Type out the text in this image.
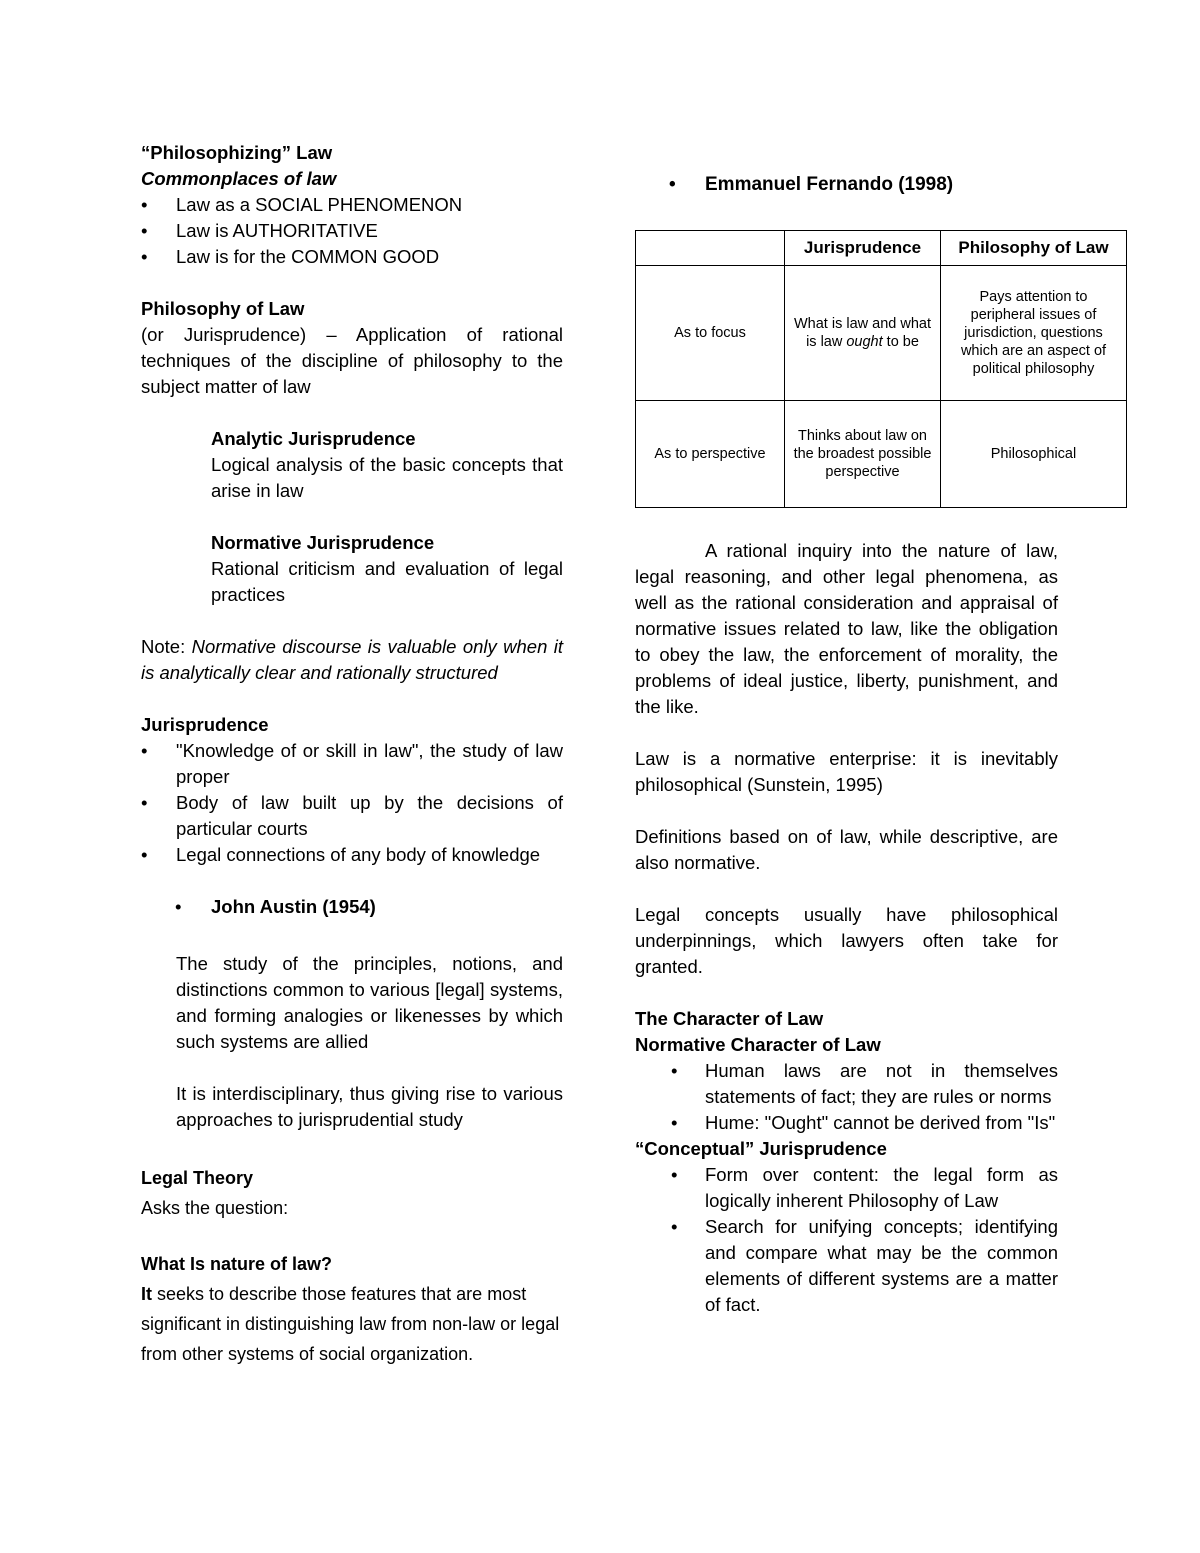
“Philosophizing” Law

Commonplaces of law

• Law as a SOCIAL PHENOMENON
• Law is AUTHORITATIVE
• Law is for the COMMON GOOD

Philosophy of Law

(or Jurisprudence) – Application of rational techniques of the discipline of philosophy to the subject matter of law

Analytic Jurisprudence

Logical analysis of the basic concepts that arise in law

Normative Jurisprudence

Rational criticism and evaluation of legal practices

Note: Normative discourse is valuable only when it is analytically clear and rationally structured

Jurisprudence

• "Knowledge of or skill in law", the study of law proper
• Body of law built up by the decisions of particular courts
• Legal connections of any body of knowledge
• John Austin (1954)

The study of the principles, notions, and distinctions common to various [legal] systems, and forming analogies or likenesses by which such systems are allied

It is interdisciplinary, thus giving rise to various approaches to jurisprudential study

Legal Theory

Asks the question:

What Is nature of law?

It seeks to describe those features that are most significant in distinguishing law from non-law or legal from other systems of social organization.

• Emmanuel Fernando (1998)
	Jurisprudence	Philosophy of Law
As to focus	What is law and what is law ought to be	Pays attention to peripheral issues of jurisdiction, questions which are an aspect of political philosophy
As to perspective	Thinks about law on the broadest possible perspective	Philosophical

A rational inquiry into the nature of law, legal reasoning, and other legal phenomena, as well as the rational consideration and appraisal of normative issues related to law, like the obligation to obey the law, the enforcement of morality, the problems of ideal justice, liberty, punishment, and the like.

Law is a normative enterprise: it is inevitably philosophical (Sunstein, 1995)

Definitions based on of law, while descriptive, are also normative.

Legal concepts usually have philosophical underpinnings, which lawyers often take for granted.

The Character of Law

Normative Character of Law

• Human laws are not in themselves statements of fact; they are rules or norms
• Hume: "Ought" cannot be derived from "Is"

“Conceptual” Jurisprudence

• Form over content: the legal form as logically inherent Philosophy of Law
• Search for unifying concepts; identifying and compare what may be the common elements of different systems are a matter of fact.
